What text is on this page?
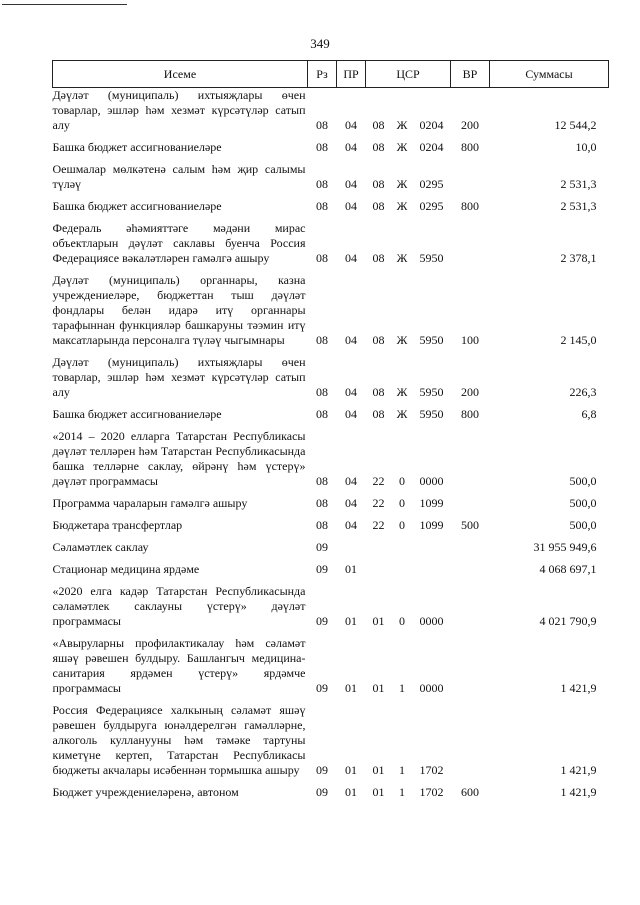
349
Исеме	Рз	ПР	ЦСР			ВР	Суммасы
Дәүләт (муниципаль) ихтыяҗлары өчен товарлар, эшләр һәм хезмәт күрсәтүләр сатып алу	08	04	08	Ж	0204	200	12 544,2
Башка бюджет ассигнованиеләре	08	04	08	Ж	0204	800	10,0
Оешмалар мөлкәтенә салым һәм җир салымы түләү	08	04	08	Ж	0295		2 531,3
Башка бюджет ассигнованиеләре	08	04	08	Ж	0295	800	2 531,3
Федераль әһәмияттәге мәдәни мирас объектларын дәүләт саклавы буенча Россия Федерациясе вәкаләтләрен гамәлгә ашыру	08	04	08	Ж	5950		2 378,1
Дәүләт (муниципаль) органнары, казна учреждениеләре, бюджеттан тыш дәүләт фондлары белән идарә итү органнары тарафыннан функцияләр башкаруны тәэмин итү максатларында персоналга түләү чыгымнары	08	04	08	Ж	5950	100	2 145,0
Дәүләт (муниципаль) ихтыяҗлары өчен товарлар, эшләр һәм хезмәт күрсәтүләр сатып алу	08	04	08	Ж	5950	200	226,3
Башка бюджет ассигнованиеләре	08	04	08	Ж	5950	800	6,8
«2014 – 2020 елларга Татарстан Республикасы дәүләт телләрен һәм Татарстан Республикасында башка телләрне саклау, өйрәнү һәм үстерү» дәүләт программасы	08	04	22	0	0000		500,0
Программа чараларын гамәлгә ашыру	08	04	22	0	1099		500,0
Бюджетара трансфертлар	08	04	22	0	1099	500	500,0
Сәламәтлек саклау	09						31 955 949,6
Стационар медицина ярдәме	09	01					4 068 697,1
«2020 елга кадәр Татарстан Республикасында сәламәтлек саклауны үстерү» дәүләт программасы	09	01	01	0	0000		4 021 790,9
«Авыруларны профилактикалау һәм сәламәт яшәү рәвешен булдыру. Башлангыч медицина-санитария ярдәмен үстерү» ярдәмче программасы	09	01	01	1	0000		1 421,9
Россия Федерациясе халкының сәламәт яшәү рәвешен булдыруга юнәлдерелгән гамәлләрне, алкоголь кулланууны һәм тәмәке тартуны киметүне кертеп, Татарстан Республикасы бюджеты акчалары исәбеннән тормышка ашыру	09	01	01	1	1702		1 421,9
Бюджет учреждениеләренә, автоном	09	01	01	1	1702	600	1 421,9
